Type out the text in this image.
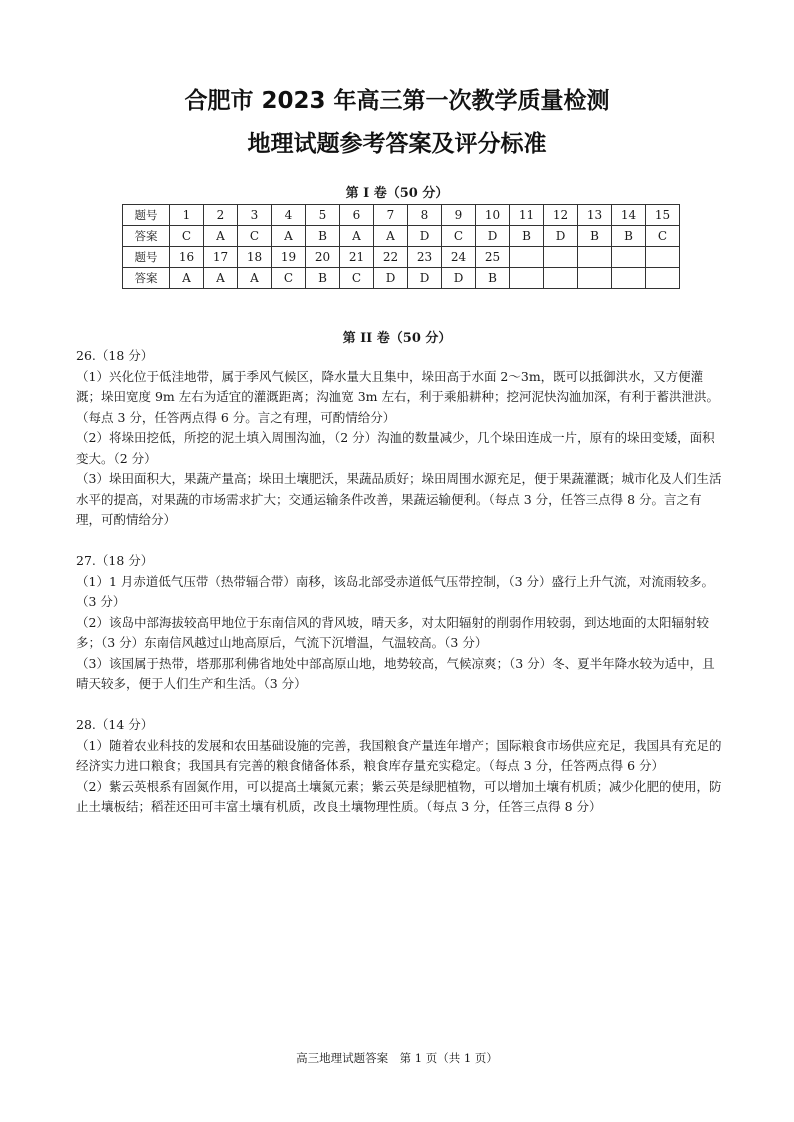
合肥市 2023 年高三第一次教学质量检测
地理试题参考答案及评分标准
第 I 卷（50 分）
题号	1	2	3	4	5	6	7	8	9	10	11	12	13	14	15
答案	C	A	C	A	B	A	A	D	C	D	B	D	B	B	C
题号	16	17	18	19	20	21	22	23	24	25					
答案	A	A	A	C	B	C	D	D	D	B					
第 II 卷（50 分）

26.（18 分）

（1）兴化位于低洼地带，属于季风气候区，降水量大且集中，垛田高于水面 2～3m，既可以抵御洪水，又方便灌溉；垛田宽度 9m 左右为适宜的灌溉距离；沟洫宽 3m 左右，利于乘船耕种；挖河泥快沟洫加深，有利于蓄洪泄洪。（每点 3 分，任答两点得 6 分。言之有理，可酌情给分）

（2）将垛田挖低，所挖的泥土填入周围沟洫，（2 分）沟洫的数量减少，几个垛田连成一片，原有的垛田变矮，面积变大。（2 分）

（3）垛田面积大，果蔬产量高；垛田土壤肥沃，果蔬品质好；垛田周围水源充足，便于果蔬灌溉；城市化及人们生活水平的提高，对果蔬的市场需求扩大；交通运输条件改善，果蔬运输便利。（每点 3 分，任答三点得 8 分。言之有理，可酌情给分）

27.（18 分）

（1）1 月赤道低气压带（热带辐合带）南移，该岛北部受赤道低气压带控制，（3 分）盛行上升气流，对流雨较多。（3 分）

（2）该岛中部海拔较高甲地位于东南信风的背风坡，晴天多，对太阳辐射的削弱作用较弱，到达地面的太阳辐射较多；（3 分）东南信风越过山地高原后，气流下沉增温，气温较高。（3 分）

（3）该国属于热带，塔那那利佛省地处中部高原山地，地势较高，气候凉爽；（3 分）冬、夏半年降水较为适中，且晴天较多，便于人们生产和生活。（3 分）

28.（14 分）

（1）随着农业科技的发展和农田基础设施的完善，我国粮食产量连年增产；国际粮食市场供应充足，我国具有充足的经济实力进口粮食；我国具有完善的粮食储备体系，粮食库存量充实稳定。（每点 3 分，任答两点得 6 分）

（2）紫云英根系有固氮作用，可以提高土壤氮元素；紫云英是绿肥植物，可以增加土壤有机质；减少化肥的使用，防止土壤板结；稻茬还田可丰富土壤有机质，改良土壤物理性质。（每点 3 分，任答三点得 8 分）

高三地理试题答案　第 1 页（共 1 页）
